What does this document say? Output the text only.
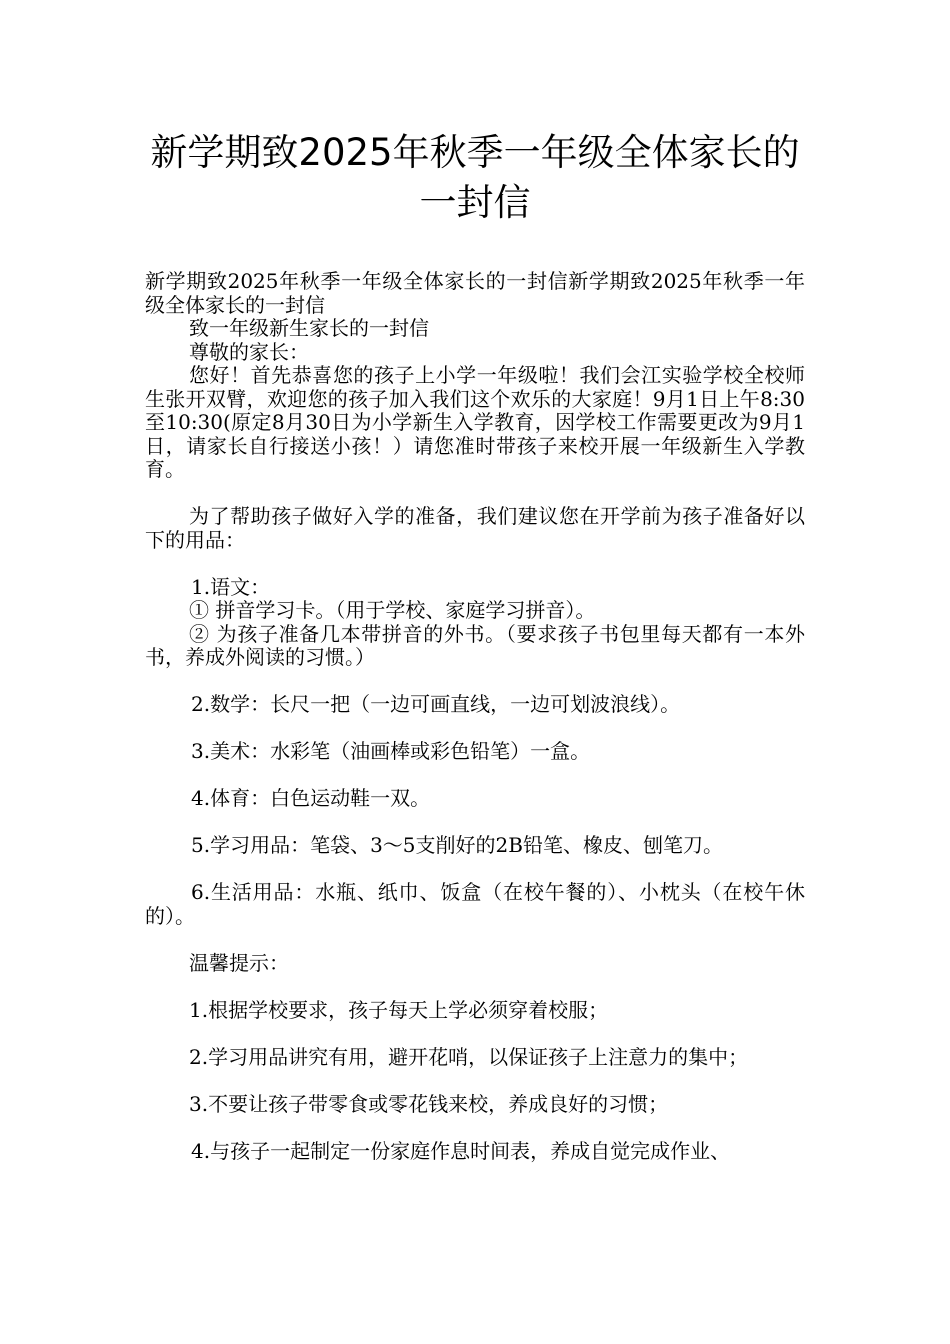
新学期致2025年秋季一年级全体家长的一封信

新学期致2025年秋季一年级全体家长的一封信新学期致2025年秋季一年级全体家长的一封信

致一年级新生家长的一封信

尊敬的家长：

您好！首先恭喜您的孩子上小学一年级啦！我们会江实验学校全校师生张开双臂，欢迎您的孩子加入我们这个欢乐的大家庭！9月1日上午8:30至10:30(原定8月30日为小学新生入学教育，因学校工作需要更改为9月1日，请家长自行接送小孩！）请您准时带孩子来校开展一年级新生入学教育。

为了帮助孩子做好入学的准备，我们建议您在开学前为孩子准备好以下的用品：

1.语文：

① 拼音学习卡。（用于学校、家庭学习拼音）。

② 为孩子准备几本带拼音的外书。（要求孩子书包里每天都有一本外书，养成外阅读的习惯。）

2.数学：长尺一把（一边可画直线，一边可划波浪线）。

3.美术：水彩笔（油画棒或彩色铅笔）一盒。

4.体育：白色运动鞋一双。

5.学习用品：笔袋、3～5支削好的2B铅笔、橡皮、刨笔刀。

6.生活用品：水瓶、纸巾、饭盒（在校午餐的）、小枕头（在校午休的）。

温馨提示：

1.根据学校要求，孩子每天上学必须穿着校服；

2.学习用品讲究有用，避开花哨，以保证孩子上注意力的集中；

3.不要让孩子带零食或零花钱来校，养成良好的习惯；

4.与孩子一起制定一份家庭作息时间表，养成自觉完成作业、
